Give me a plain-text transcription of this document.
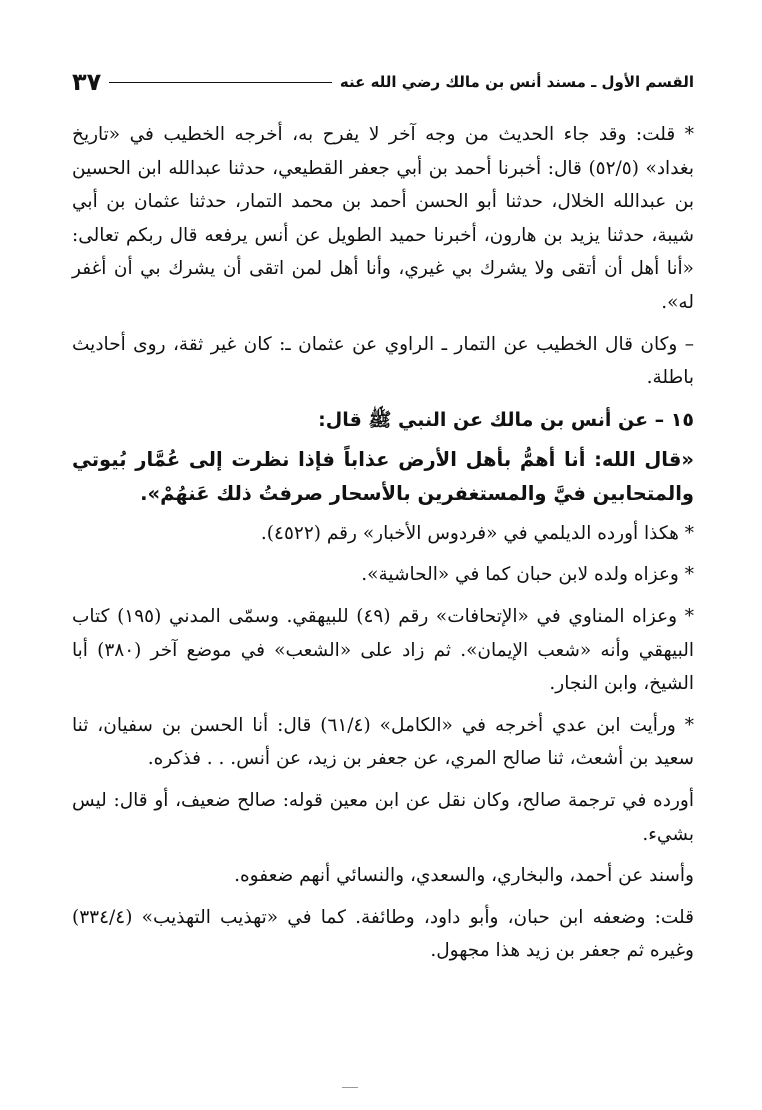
القسم الأول ـ مسند أنس بن مالك رضي الله عنه
٣٧

* قلت: وقد جاء الحديث من وجه آخر لا يفرح به، أخرجه الخطيب في «تاريخ بغداد» (٥٢/٥) قال: أخبرنا أحمد بن أبي جعفر القطيعي، حدثنا عبدالله ابن الحسين بن عبدالله الخلال، حدثنا أبو الحسن أحمد بن محمد التمار، حدثنا عثمان بن أبي شيبة، حدثنا يزيد بن هارون، أخبرنا حميد الطويل عن أنس يرفعه قال ربكم تعالى: «أنا أهل أن أتقى ولا يشرك بي غيري، وأنا أهل لمن اتقى أن يشرك بي أن أغفر له».

– وكان قال الخطيب عن التمار ـ الراوي عن عثمان ـ: كان غير ثقة، روى أحاديث باطلة.

١٥ – عن أنس بن مالك عن النبي ﷺ قال:

«قال الله: أنا أهمُّ بأهل الأرض عذاباً فإذا نظرت إلى عُمَّار بُيوتي والمتحابين فيَّ والمستغفرين بالأسحار صرفتُ ذلك عَنهُمْ».

* هكذا أورده الديلمي في «فردوس الأخبار» رقم (٤٥٢٢).

* وعزاه ولده لابن حبان كما في «الحاشية».

* وعزاه المناوي في «الإتحافات» رقم (٤٩) للبيهقي. وسمّى المدني (١٩٥) كتاب البيهقي وأنه «شعب الإيمان». ثم زاد على «الشعب» في موضع آخر (٣٨٠) أبا الشيخ، وابن النجار.

* ورأيت ابن عدي أخرجه في «الكامل» (٦١/٤) قال: أنا الحسن بن سفيان، ثنا سعيد بن أشعث، ثنا صالح المري، عن جعفر بن زيد، عن أنس. . . فذكره.

أورده في ترجمة صالح، وكان نقل عن ابن معين قوله: صالح ضعيف، أو قال: ليس بشيء.

وأسند عن أحمد، والبخاري، والسعدي، والنسائي أنهم ضعفوه.

قلت: وضعفه ابن حبان، وأبو داود، وطائفة. كما في «تهذيب التهذيب» (٣٣٤/٤) وغيره ثم جعفر بن زيد هذا مجهول.
